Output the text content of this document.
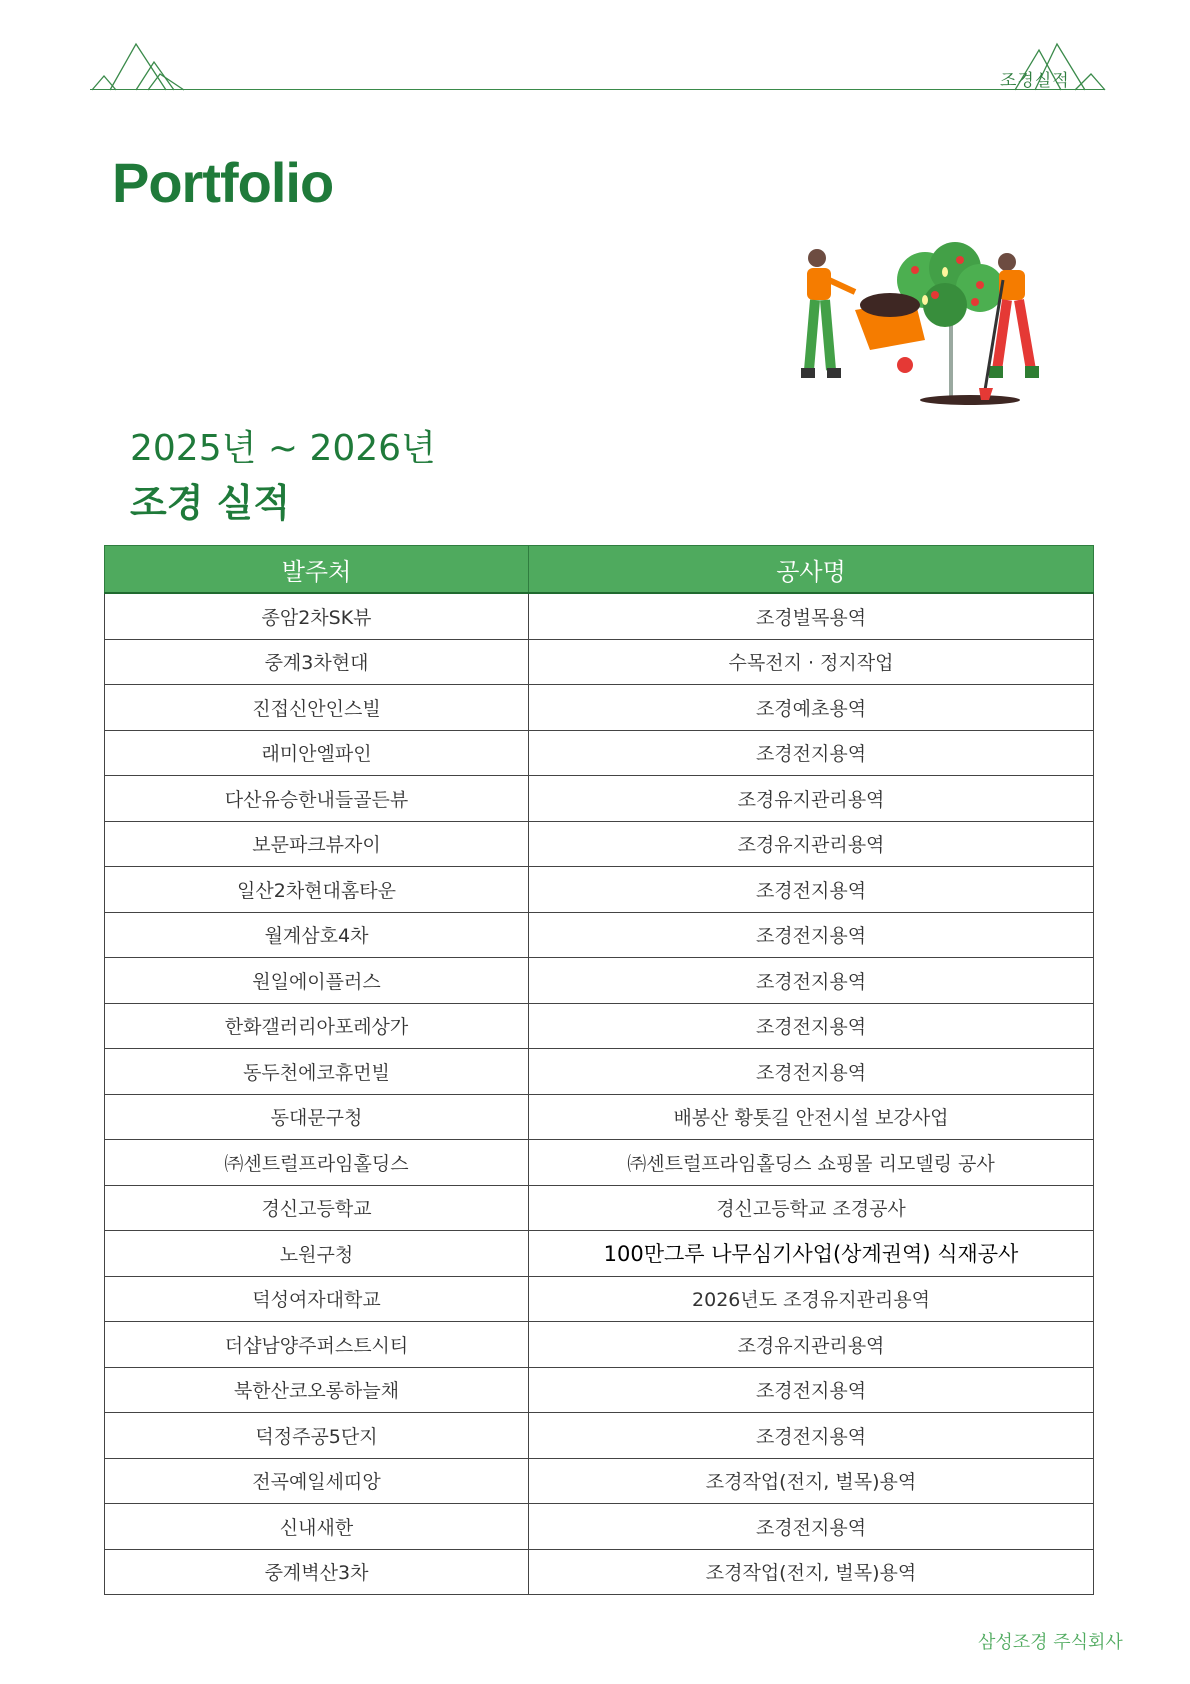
조경실적
Portfolio
2025년 ~ 2026년
조경 실적
발주처	공사명
종암2차SK뷰	조경벌목용역
중계3차현대	수목전지 · 정지작업
진접신안인스빌	조경예초용역
래미안엘파인	조경전지용역
다산유승한내들골든뷰	조경유지관리용역
보문파크뷰자이	조경유지관리용역
일산2차현대홈타운	조경전지용역
월계삼호4차	조경전지용역
원일에이플러스	조경전지용역
한화갤러리아포레상가	조경전지용역
동두천에코휴먼빌	조경전지용역
동대문구청	배봉산 황톳길 안전시설 보강사업
㈜센트럴프라임홀딩스	㈜센트럴프라임홀딩스 쇼핑몰 리모델링 공사
경신고등학교	경신고등학교 조경공사
노원구청	100만그루 나무심기사업(상계권역) 식재공사
덕성여자대학교	2026년도 조경유지관리용역
더샵남양주퍼스트시티	조경유지관리용역
북한산코오롱하늘채	조경전지용역
덕정주공5단지	조경전지용역
전곡예일세띠앙	조경작업(전지, 벌목)용역
신내새한	조경전지용역
중계벽산3차	조경작업(전지, 벌목)용역
삼성조경 주식회사
